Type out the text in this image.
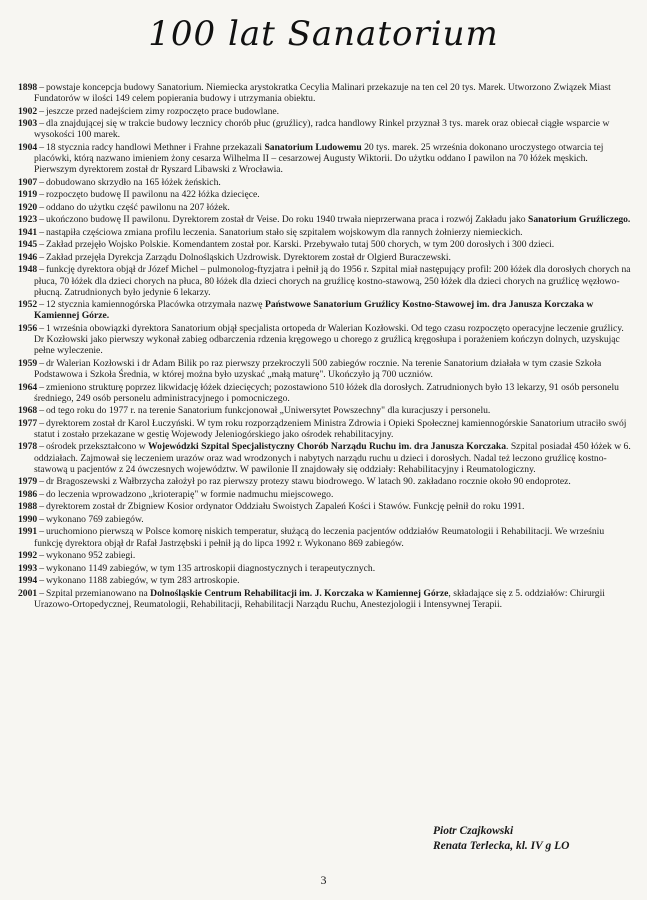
100 lat Sanatorium
1898 – powstaje koncepcja budowy Sanatorium. Niemiecka arystokratka Cecylia Malinari przekazuje na ten cel 20 tys. Marek. Utworzono Związek Miast Fundatorów w ilości 149 celem popierania budowy i utrzymania obiektu.
1902 – jeszcze przed nadejściem zimy rozpoczęto prace budowlane.
1903 – dla znajdującej się w trakcie budowy lecznicy chorób płuc (gruźlicy), radca handlowy Rinkel przyznał 3 tys. marek oraz obiecał ciągłe wsparcie w wysokości 100 marek.
1904 – 18 stycznia radcy handlowi Methner i Frahne przekazali Sanatorium Ludowemu 20 tys. marek. 25 września dokonano uroczystego otwarcia tej placówki, którą nazwano imieniem żony cesarza Wilhelma II – cesarzowej Augusty Wiktorii. Do użytku oddano I pawilon na 70 łóżek męskich. Pierwszym dyrektorem został dr Ryszard Libawski z Wrocławia.
1907 – dobudowano skrzydło na 165 łóżek żeńskich.
1919 – rozpoczęto budowę II pawilonu na 422 łóżka dziecięce.
1920 – oddano do użytku część pawilonu na 207 łóżek.
1923 – ukończono budowę II pawilonu. Dyrektorem został dr Veise. Do roku 1940 trwała nieprzerwana praca i rozwój Zakładu jako Sanatorium Gruźliczego.
1941 – nastąpiła częściowa zmiana profilu leczenia. Sanatorium stało się szpitalem wojskowym dla rannych żołnierzy niemieckich.
1945 – Zakład przejęło Wojsko Polskie. Komendantem został por. Karski. Przebywało tutaj 500 chorych, w tym 200 dorosłych i 300 dzieci.
1946 – Zakład przejęła Dyrekcja Zarządu Dolnośląskich Uzdrowisk. Dyrektorem został dr Olgierd Buraczewski.
1948 – funkcję dyrektora objął dr Józef Michel – pulmonolog-ftyzjatra i pełnił ją do 1956 r. Szpital miał następujący profil: 200 łóżek dla dorosłych chorych na płuca, 70 łóżek dla dzieci chorych na płuca, 80 łóżek dla dzieci chorych na gruźlicę kostno-stawową, 250 łóżek dla dzieci chorych na gruźlicę węzłowo-płucną. Zatrudnionych było jedynie 6 lekarzy.
1952 – 12 stycznia kamiennogórska Placówka otrzymała nazwę Państwowe Sanatorium Gruźlicy Kostno-Stawowej im. dra Janusza Korczaka w Kamiennej Górze.
1956 – 1 września obowiązki dyrektora Sanatorium objął specjalista ortopeda dr Walerian Kozłowski. Od tego czasu rozpoczęto operacyjne leczenie gruźlicy. Dr Kozłowski jako pierwszy wykonał zabieg odbarczenia rdzenia kręgowego u chorego z gruźlicą kręgosłupa i porażeniem kończyn dolnych, uzyskując pełne wyleczenie.
1959 – dr Walerian Kozłowski i dr Adam Bilik po raz pierwszy przekroczyli 500 zabiegów rocznie. Na terenie Sanatorium działała w tym czasie Szkoła Podstawowa i Szkoła Średnia, w której można było uzyskać „małą maturę". Ukończyło ją 700 uczniów.
1964 – zmieniono strukturę poprzez likwidację łóżek dziecięcych; pozostawiono 510 łóżek dla dorosłych. Zatrudnionych było 13 lekarzy, 91 osób personelu średniego, 249 osób personelu administracyjnego i pomocniczego.
1968 – od tego roku do 1977 r. na terenie Sanatorium funkcjonował „Uniwersytet Powszechny" dla kuracjuszy i personelu.
1977 – dyrektorem został dr Karol Łuczyński. W tym roku rozporządzeniem Ministra Zdrowia i Opieki Społecznej kamiennogórskie Sanatorium utraciło swój statut i zostało przekazane w gestię Wojewody Jeleniogórskiego jako ośrodek rehabilitacyjny.
1978 – ośrodek przekształcono w Wojewódzki Szpital Specjalistyczny Chorób Narządu Ruchu im. dra Janusza Korczaka. Szpital posiadał 450 łóżek w 6. oddziałach. Zajmował się leczeniem urazów oraz wad wrodzonych i nabytych narządu ruchu u dzieci i dorosłych. Nadal też leczono gruźlicę kostno-stawową u pacjentów z 24 ówczesnych województw. W pawilonie II znajdowały się oddziały: Rehabilitacyjny i Reumatologiczny.
1979 – dr Bragoszewski z Wałbrzycha założył po raz pierwszy protezy stawu biodrowego. W latach 90. zakładano rocznie około 90 endoprotez.
1986 – do leczenia wprowadzono „krioterapię" w formie nadmuchu miejscowego.
1988 – dyrektorem został dr Zbigniew Kosior ordynator Oddziału Swoistych Zapaleń Kości i Stawów. Funkcję pełnił do roku 1991.
1990 – wykonano 769 zabiegów.
1991 – uruchomiono pierwszą w Polsce komorę niskich temperatur, służącą do leczenia pacjentów oddziałów Reumatologii i Rehabilitacji. We wrześniu funkcję dyrektora objął dr Rafał Jastrzębski i pełnił ją do lipca 1992 r. Wykonano 869 zabiegów.
1992 – wykonano 952 zabiegi.
1993 – wykonano 1149 zabiegów, w tym 135 artroskopii diagnostycznych i terapeutycznych.
1994 – wykonano 1188 zabiegów, w tym 283 artroskopie.
2001 – Szpital przemianowano na Dolnośląskie Centrum Rehabilitacji im. J. Korczaka w Kamiennej Górze, składające się z 5. oddziałów: Chirurgii Urazowo-Ortopedycznej, Reumatologii, Rehabilitacji, Rehabilitacji Narządu Ruchu, Anestezjologii i Intensywnej Terapii.
Piotr Czajkowski
Renata Terlecka, kl. IV g LO
3
